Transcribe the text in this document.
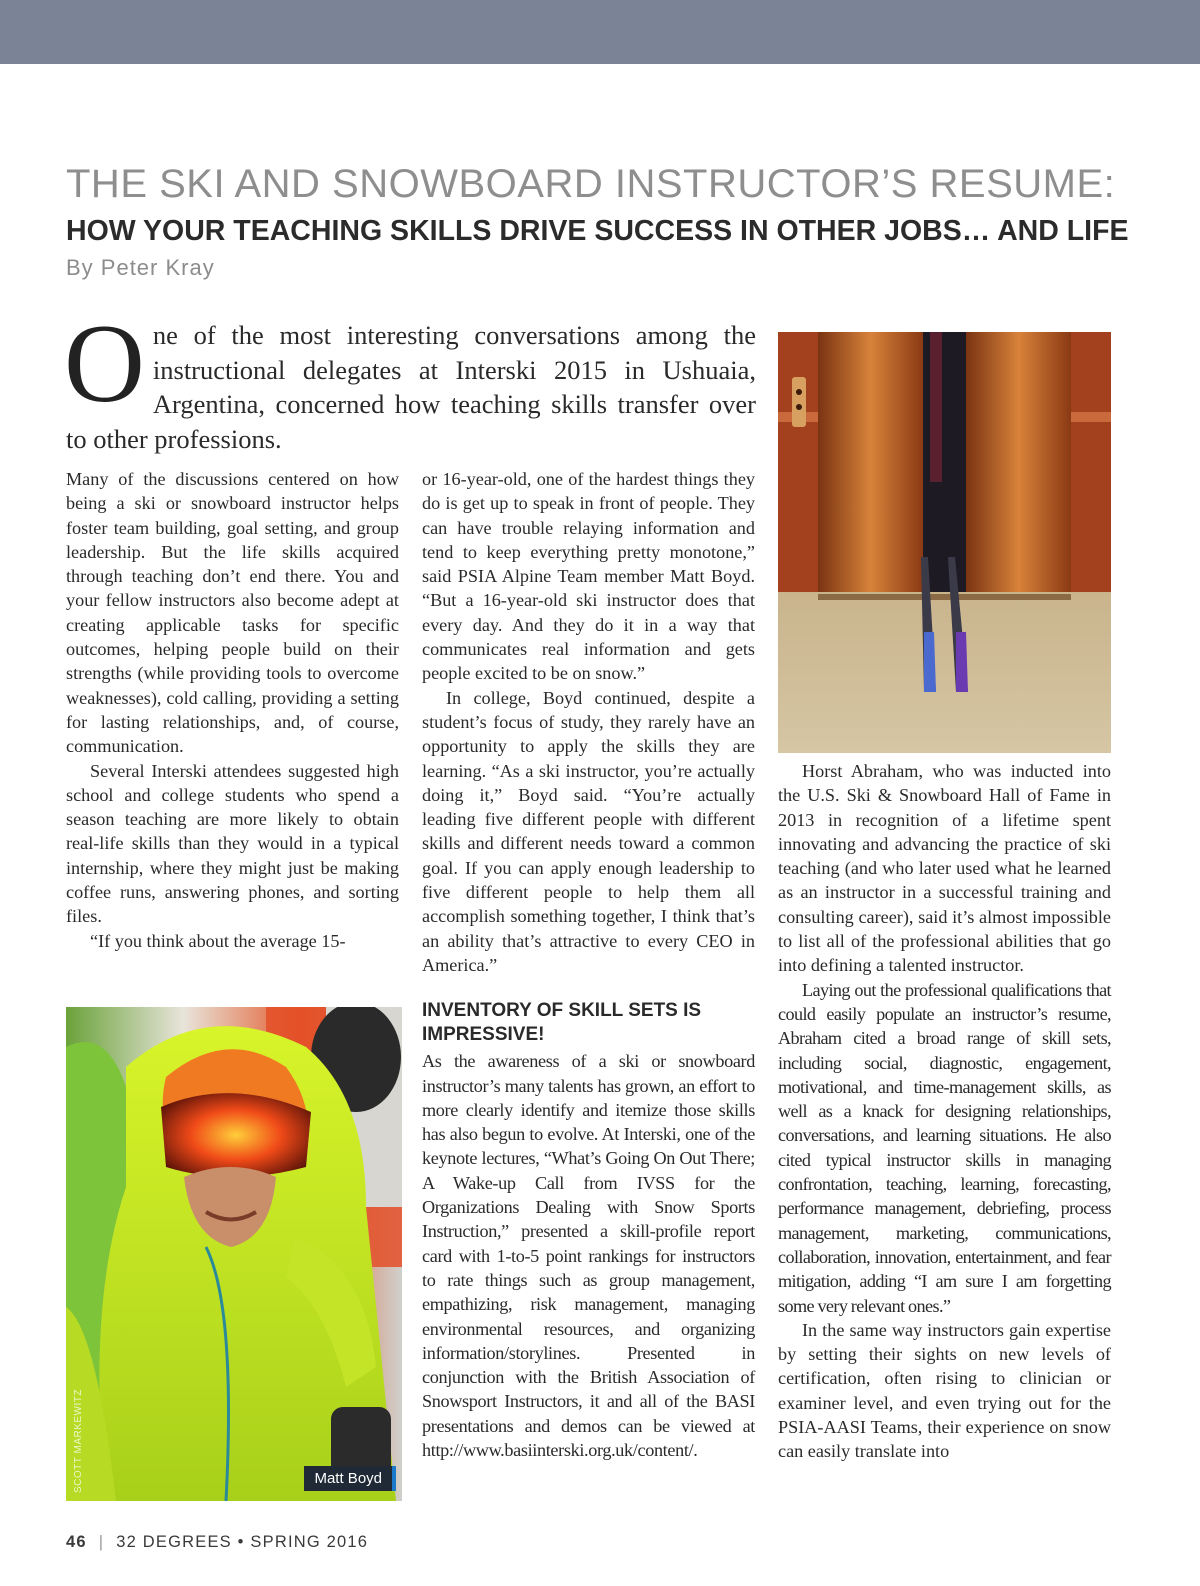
THE SKI AND SNOWBOARD INSTRUCTOR’S RESUME:
HOW YOUR TEACHING SKILLS DRIVE SUCCESS IN OTHER JOBS… AND LIFE
By Peter Kray
One of the most interesting conversations among the instructional delegates at Interski 2015 in Ushuaia, Argentina, concerned how teaching skills transfer over to other professions.

Many of the discussions centered on how being a ski or snowboard instructor helps foster team building, goal setting, and group leadership. But the life skills acquired through teaching don’t end there. You and your fellow instructors also become adept at creating applicable tasks for specific outcomes, helping people build on their strengths (while providing tools to overcome weaknesses), cold calling, providing a setting for lasting relationships, and, of course, communication.

Several Interski attendees suggested high school and college students who spend a season teaching are more likely to obtain real-life skills than they would in a typical internship, where they might just be making coffee runs, answering phones, and sorting files.

“If you think about the average 15-

SCOTT MARKEWITZ	Matt Boyd

or 16-year-old, one of the hardest things they do is get up to speak in front of people. They can have trouble relaying information and tend to keep everything pretty monotone,” said PSIA Alpine Team member Matt Boyd. “But a 16-year-old ski instructor does that every day. And they do it in a way that communicates real information and gets people excited to be on snow.”

In college, Boyd continued, despite a student’s focus of study, they rarely have an opportunity to apply the skills they are learning. “As a ski instructor, you’re actually doing it,” Boyd said. “You’re actually leading five different people with different skills and different needs toward a common goal. If you can apply enough leadership to five different people to help them all accomplish something together, I think that’s an ability that’s attractive to every CEO in America.”

INVENTORY OF SKILL SETS IS IMPRESSIVE!

As the awareness of a ski or snowboard instructor’s many talents has grown, an effort to more clearly identify and itemize those skills has also begun to evolve. At Interski, one of the keynote lectures, “What’s Going On Out There; A Wake-up Call from IVSS for the Organizations Dealing with Snow Sports Instruction,” presented a skill-profile report card with 1-to-5 point rankings for instructors to rate things such as group management, empathizing, risk management, managing environmental resources, and organizing information/storylines. Presented in conjunction with the British Association of Snowsport Instructors, it and all of the BASI presentations and demos can be viewed at http://www.basiinterski.org.uk/content/.

Horst Abraham, who was inducted into the U.S. Ski & Snowboard Hall of Fame in 2013 in recognition of a lifetime spent innovating and advancing the practice of ski teaching (and who later used what he learned as an instructor in a successful training and consulting career), said it’s almost impossible to list all of the professional abilities that go into defining a talented instructor.

Laying out the professional qualifications that could easily populate an instructor’s resume, Abraham cited a broad range of skill sets, including social, diagnostic, engagement, motivational, and time-management skills, as well as a knack for designing relationships, conversations, and learning situations. He also cited typical instructor skills in managing confrontation, teaching, learning, forecasting, performance management, debriefing, process management, marketing, communications, collaboration, innovation, entertainment, and fear mitigation, adding “I am sure I am forgetting some very relevant ones.”

In the same way instructors gain expertise by setting their sights on new levels of certification, often rising to clinician or examiner level, and even trying out for the PSIA-AASI Teams, their experience on snow can easily translate into

46 | 32 DEGREES • SPRING 2016
